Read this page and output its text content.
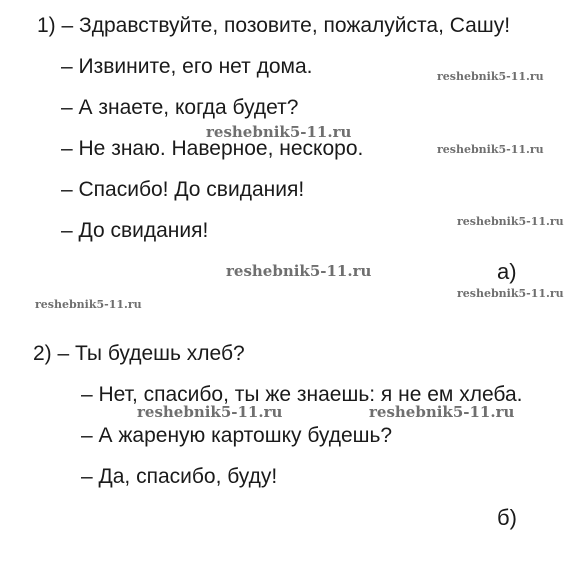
1) – Здравствуйте, позовите, пожалуйста, Сашу!
– Извините, его нет дома.
– А знаете, когда будет?
– Не знаю. Наверное, нескоро.
– Спасибо! До свидания!
– До свидания!
а)
2) – Ты будешь хлеб?
– Нет, спасибо, ты же знаешь: я не ем хлеба.
– А жареную картошку будешь?
– Да, спасибо, буду!
б)
reshebnik5-11.ru
reshebnik5-11.ru
reshebnik5-11.ru
reshebnik5-11.ru
reshebnik5-11.ru
reshebnik5-11.ru
reshebnik5-11.ru
reshebnik5-11.ru	reshebnik5-11.ru
